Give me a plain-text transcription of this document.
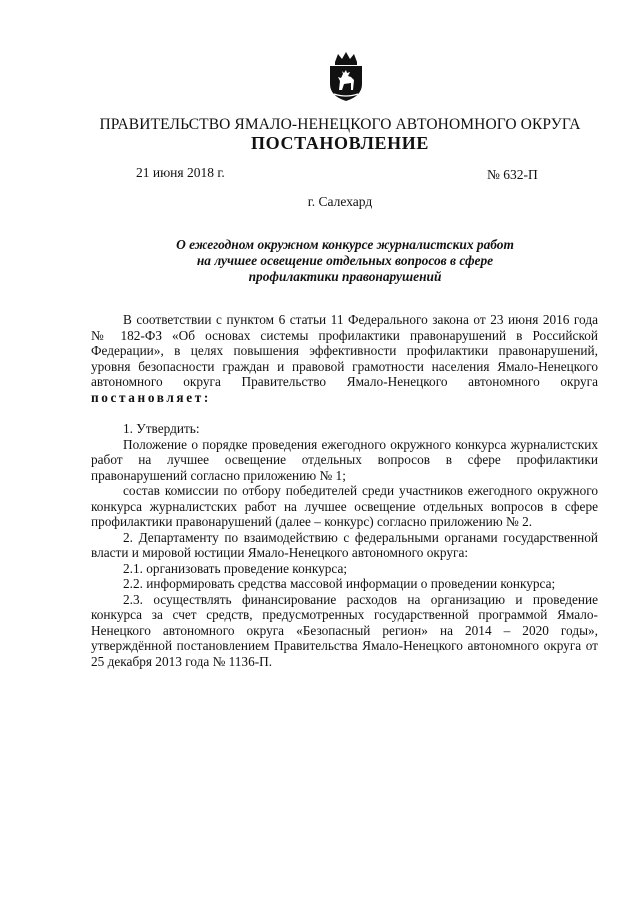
ПРАВИТЕЛЬСТВО ЯМАЛО-НЕНЕЦКОГО АВТОНОМНОГО ОКРУГА
ПОСТАНОВЛЕНИЕ
21 июня 2018 г.	№ 632-П
г. Салехард
О ежегодном окружном конкурсе журналистских работ
на лучшее освещение отдельных вопросов в сфере
профилактики правонарушений

В соответствии с пунктом 6 статьи 11 Федерального закона от 23 июня 2016 года № 182-ФЗ «Об основах системы профилактики правонарушений в Российской Федерации», в целях повышения эффективности профилактики правонарушений, уровня безопасности граждан и правовой грамотности населения Ямало-Ненецкого автономного округа Правительство Ямало-Ненецкого автономного округа постановляет:

1. Утвердить:

Положение о порядке проведения ежегодного окружного конкурса журналистских работ на лучшее освещение отдельных вопросов в сфере профилактики правонарушений согласно приложению № 1;

состав комиссии по отбору победителей среди участников ежегодного окружного конкурса журналистских работ на лучшее освещение отдельных вопросов в сфере профилактики правонарушений (далее – конкурс) согласно приложению № 2.

2. Департаменту по взаимодействию с федеральными органами государственной власти и мировой юстиции Ямало-Ненецкого автономного округа:

2.1. организовать проведение конкурса;

2.2. информировать средства массовой информации о проведении конкурса;

2.3. осуществлять финансирование расходов на организацию и проведение конкурса за счет средств, предусмотренных государственной программой Ямало-Ненецкого автономного округа «Безопасный регион» на 2014 – 2020 годы», утверждённой постановлением Правительства Ямало-Ненецкого автономного округа от 25 декабря 2013 года № 1136-П.
